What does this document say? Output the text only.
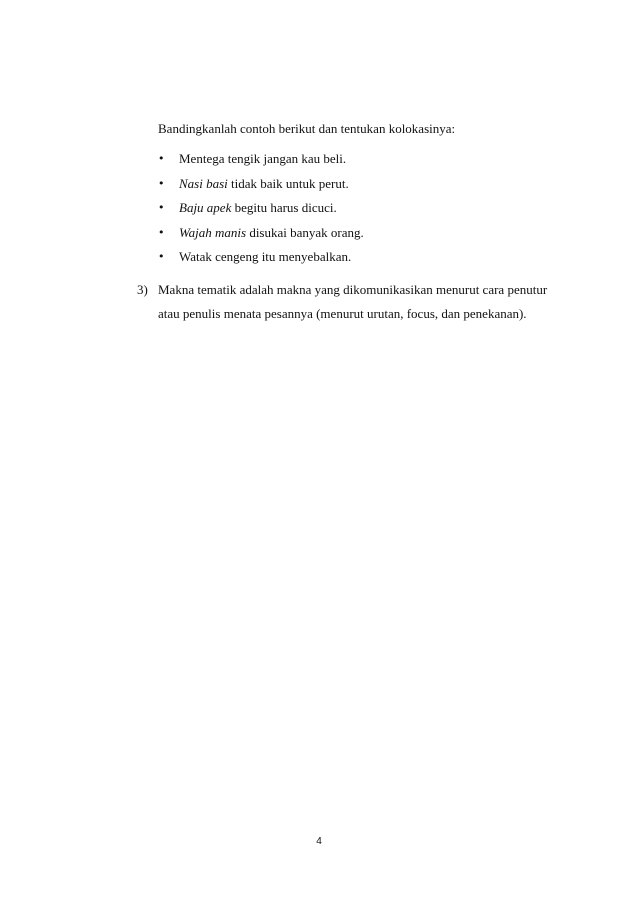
Bandingkanlah contoh berikut dan tentukan kolokasinya:
•	Mentega tengik jangan kau beli.
•	Nasi basi tidak baik untuk perut.
•	Baju apek begitu harus dicuci.
•	Wajah manis disukai banyak orang.
•	Watak cengeng itu menyebalkan.
3) Makna tematik adalah makna yang dikomunikasikan menurut cara penutur
atau penulis menata pesannya (menurut urutan, focus, dan penekanan).
4
